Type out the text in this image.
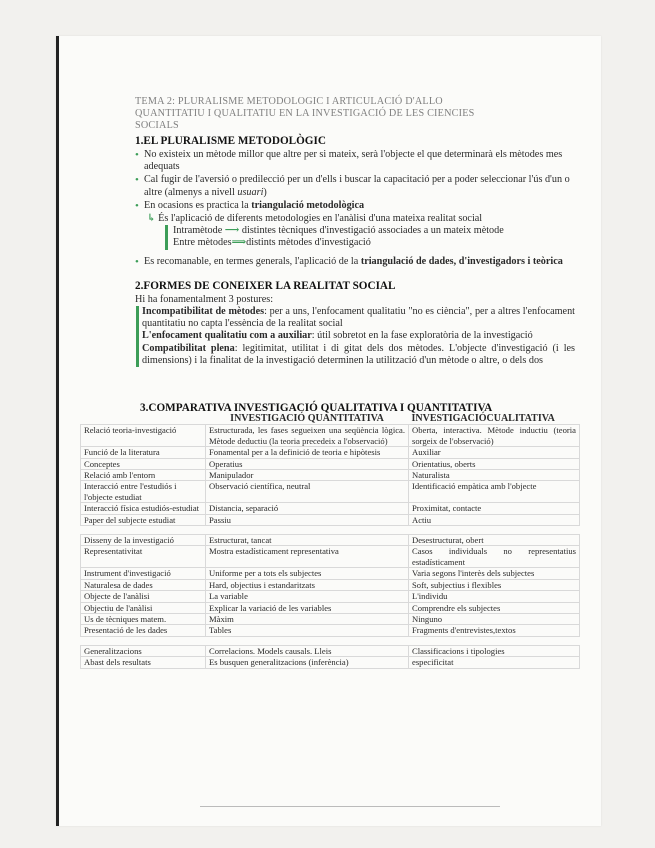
TEMA 2: PLURALISME METODOLOGIC I ARTICULACIÓ D'ALLO
QUANTITATIU I QUALITATIU EN LA INVESTIGACIÓ DE LES CIENCIES
SOCIALS
1.EL PLURALISME METODOLÒGIC
• No existeix un mètode millor que altre per si mateix, serà l'objecte el que determinarà els mètodes mes adequats
• Cal fugir de l'aversió o predilecció per un d'ells i buscar la capacitació per a poder seleccionar l'ús d'un o altre (almenys a nivell usuari)
• En ocasions es practica la triangulació metodològica

↳ És l'aplicació de diferents metodologies en l'anàlisi d'una mateixa realitat social

Intramètode ⟶ distintes tècniques d'investigació associades a un mateix mètode

Entre mètodes⟹distints mètodes d'investigació

• Es recomanable, en termes generals, l'aplicació de la triangulació de dades, d'investigadors i teòrica
2.FORMES DE CONEIXER LA REALITAT SOCIAL

Hi ha fonamentalment 3 postures:

Incompatibilitat de mètodes: per a uns, l'enfocament qualitatiu "no es ciència", per a altres l'enfocament quantitatiu no capta l'essència de la realitat social
L'enfocament qualitatiu com a auxiliar: útil sobretot en la fase exploratòria de la investigació
Compatibilitat plena: legitimitat, utilitat i di gitat dels dos mètodes. L'objecte d'investigació (i les dimensions) i la finalitat de la investigació determinen la utilització d'un mètode o altre, o dels dos
3.COMPARATIVA INVESTIGACIÓ QUALITATIVA I QUANTITATIVA
	INVESTIGACIÓ QUANTITATIVA	INVESTIGACIÓCUALITATIVA
Relació teoria-investigació	Estructurada, les fases segueixen una seqüència lògica. Mètode deductiu (la teoria precedeix a l'observació)	Oberta, interactiva. Mètode inductiu (teoria sorgeix de l'observació)
Funció de la literatura	Fonamental per a la definició de teoria e hipòtesis	Auxiliar
Conceptes	Operatius	Orientatius, oberts
Relació amb l'entorn	Manipulador	Naturalista
Interacció entre l'estudiós i l'objecte estudiat	Observació científica, neutral	Identificació empàtica amb l'objecte
Interacció física estudiós-estudiat	Distancia, separació	Proximitat, contacte
Paper del subjecte estudiat	Passiu	Actiu

Disseny de la investigació	Estructurat, tancat	Desestructurat, obert
Representativitat	Mostra estadísticament representativa	Casos individuals no representatius estadísticament
Instrument d'investigació	Uniforme per a tots els subjectes	Varia segons l'interès dels subjectes
Naturalesa de dades	Hard, objectius i estandaritzats	Soft, subjectius i flexibles
Objecte de l'anàlisi	La variable	L'individu
Objectiu de l'anàlisi	Explicar la variació de les variables	Comprendre els subjectes
Us de tècniques matem.	Màxim	Ninguno
Presentació de les dades	Tables	Fragments d'entrevistes,textos

Generalitzacions	Correlacions. Models causals. Lleis	Classificacions i tipologies
Abast dels resultats	Es busquen generalitzacions (inferència)	especificitat
